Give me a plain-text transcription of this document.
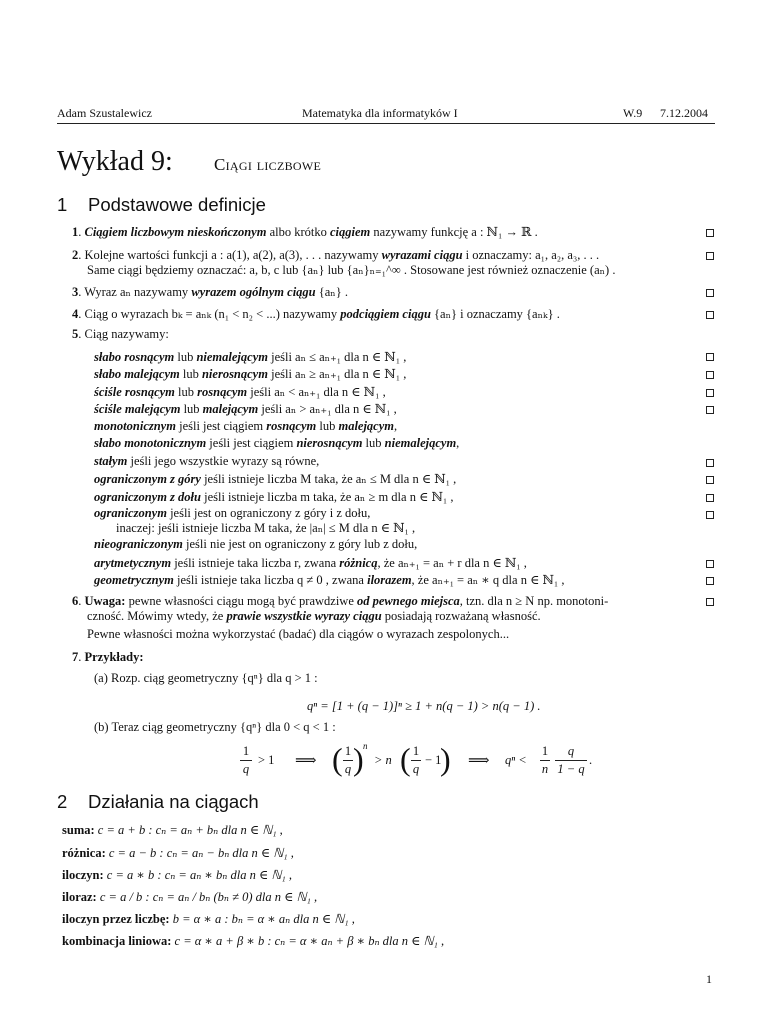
Adam Szustalewicz	Matematyka dla informatyków I	W.9 7.12.2004
Wykład 9: Ciągi liczbowe
1 Podstawowe definicje
1. Ciągiem liczbowym nieskończonym albo krótko ciągiem nazywamy funkcję a : ℕ₁ → ℝ .
2. Kolejne wartości funkcji a : a(1), a(2), a(3), . . . nazywamy wyrazami ciągu i oznaczamy: a₁, a₂, a₃, . . .
Same ciągi będziemy oznaczać: a, b, c lub {aₙ} lub {aₙ}ₙ₌₁^∞ . Stosowane jest również oznaczenie (aₙ) .
3. Wyraz aₙ nazywamy wyrazem ogólnym ciągu {aₙ} .
4. Ciąg o wyrazach bₖ = aₙₖ (n₁ < n₂ < ...) nazywamy podciągiem ciągu {aₙ} i oznaczamy {aₙₖ} .
5. Ciąg nazywamy:
słabo rosnącym lub niemalejącym jeśli aₙ ≤ aₙ₊₁ dla n ∈ ℕ₁ ,
słabo malejącym lub nierosnącym jeśli aₙ ≥ aₙ₊₁ dla n ∈ ℕ₁ ,
ściśle rosnącym lub rosnącym jeśli aₙ < aₙ₊₁ dla n ∈ ℕ₁ ,
ściśle malejącym lub malejącym jeśli aₙ > aₙ₊₁ dla n ∈ ℕ₁ ,
monotonicznym jeśli jest ciągiem rosnącym lub malejącym,
słabo monotonicznym jeśli jest ciągiem nierosnącym lub niemalejącym,
stałym jeśli jego wszystkie wyrazy są równe,
ograniczonym z góry jeśli istnieje liczba M taka, że aₙ ≤ M dla n ∈ ℕ₁ ,
ograniczonym z dołu jeśli istnieje liczba m taka, że aₙ ≥ m dla n ∈ ℕ₁ ,
ograniczonym jeśli jest on ograniczony z góry i z dołu,
inaczej: jeśli istnieje liczba M taka, że |aₙ| ≤ M dla n ∈ ℕ₁ ,
nieograniczonym jeśli nie jest on ograniczony z góry lub z dołu,
arytmetycznym jeśli istnieje taka liczba r, zwana różnicą, że aₙ₊₁ = aₙ + r dla n ∈ ℕ₁ ,
geometrycznym jeśli istnieje taka liczba q ≠ 0 , zwana ilorazem, że aₙ₊₁ = aₙ ∗ q dla n ∈ ℕ₁ ,
6. Uwaga: pewne własności ciągu mogą być prawdziwe od pewnego miejsca, tzn. dla n ≥ N np. monotoni-
czność. Mówimy wtedy, że prawie wszystkie wyrazy ciągu posiadają rozważaną własność.
Pewne własności można wykorzystać (badać) dla ciągów o wyrazach zespolonych...
7. Przykłady:
(a) Rozp. ciąg geometryczny {qⁿ} dla q > 1 :
qⁿ = [1 + (q − 1)]ⁿ ≥ 1 + n(q − 1) > n(q − 1) .
(b) Teraz ciąg geometryczny {qⁿ} dla 0 < q < 1 :
1
q
> 1 ⟹ ( 1
q ) n
> n ( 1
q
− 1
) ⟹ qⁿ <
1
n
q
1 − q
.
2 Działania na ciągach
suma: c = a + b : cₙ = aₙ + bₙ dla n ∈ ℕ₁ ,
różnica: c = a − b : cₙ = aₙ − bₙ dla n ∈ ℕ₁ ,
iloczyn: c = a ∗ b : cₙ = aₙ ∗ bₙ dla n ∈ ℕ₁ ,
iloraz: c = a / b : cₙ = aₙ / bₙ (bₙ ≠ 0) dla n ∈ ℕ₁ ,
iloczyn przez liczbę: b = α ∗ a : bₙ = α ∗ aₙ dla n ∈ ℕ₁ ,
kombinacja liniowa: c = α ∗ a + β ∗ b : cₙ = α ∗ aₙ + β ∗ bₙ dla n ∈ ℕ₁ ,
1
